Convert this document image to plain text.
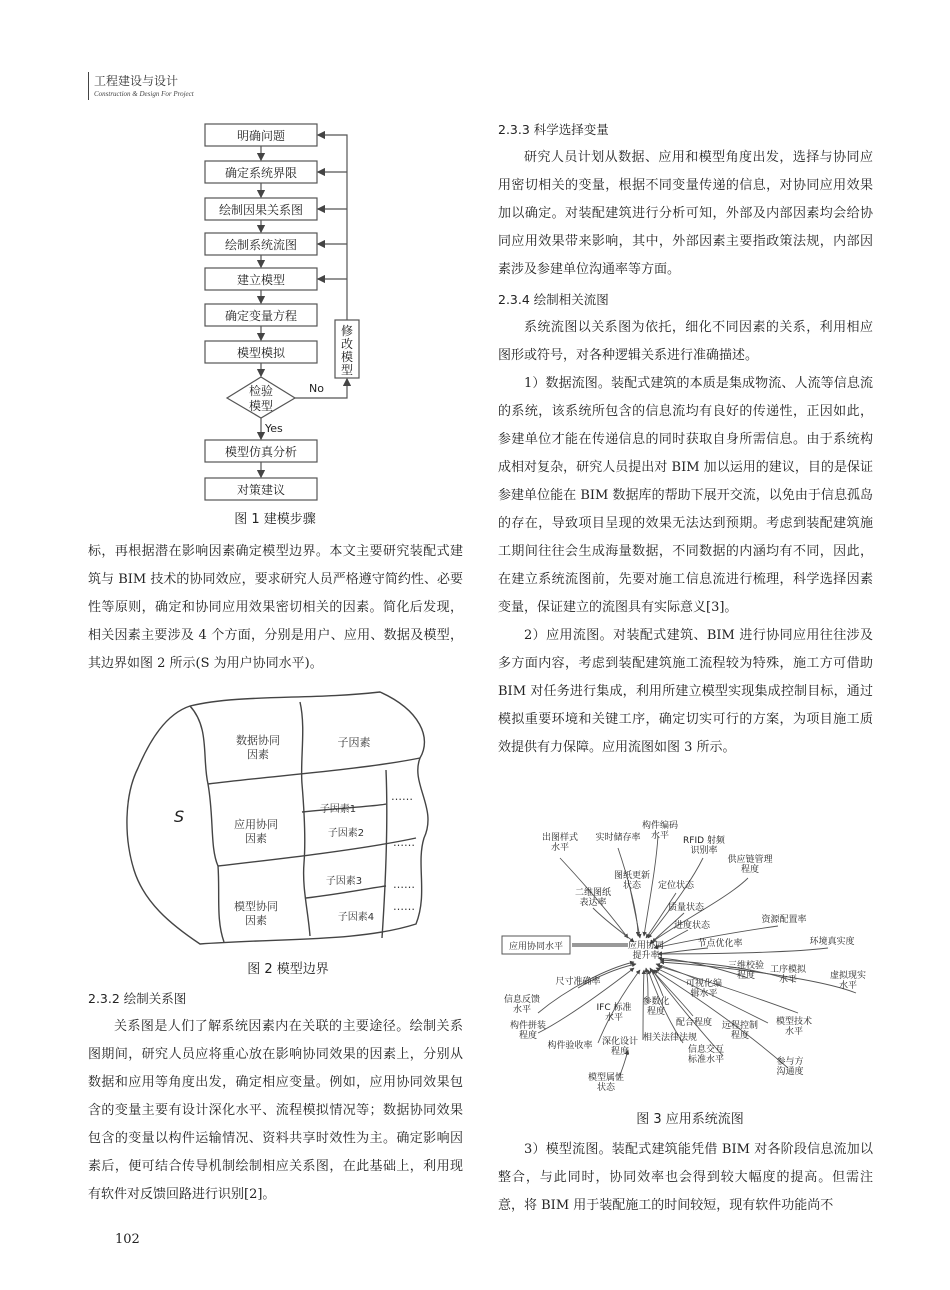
工程建设与设计
Construction & Design For Project
明确问题
确定系统界限
绘制因果关系图
绘制系统流图
建立模型
确定变量方程
模型模拟
检验
模型
模型仿真分析
对策建议
修
改
模
型
No
Yes
图 1 建模步骤

标，再根据潜在影响因素确定模型边界。本文主要研究装配式建筑与 BIM 技术的协同效应，要求研究人员严格遵守简约性、必要性等原则，确定和协同应用效果密切相关的因素。简化后发现，相关因素主要涉及 4 个方面，分别是用户、应用、数据及模型，其边界如图 2 所示(S 为用户协同水平)。

S
数据协同
因素
子因素
应用协同
因素
模型协同
因素
子因素1
子因素2
子因素3
子因素4
……
……
……
……
图 2 模型边界
2.3.2 绘制关系图

关系图是人们了解系统因素内在关联的主要途径。绘制关系图期间，研究人员应将重心放在影响协同效果的因素上，分别从数据和应用等角度出发，确定相应变量。例如，应用协同效果包含的变量主要有设计深化水平、流程模拟情况等；数据协同效果包含的变量以构件运输情况、资料共享时效性为主。确定影响因素后，便可结合传导机制绘制相应关系图，在此基础上，利用现有软件对反馈回路进行识别[2]。

102
2.3.3 科学选择变量

研究人员计划从数据、应用和模型角度出发，选择与协同应用密切相关的变量，根据不同变量传递的信息，对协同应用效果加以确定。对装配建筑进行分析可知，外部及内部因素均会给协同应用效果带来影响，其中，外部因素主要指政策法规，内部因素涉及参建单位沟通率等方面。

2.3.4 绘制相关流图

系统流图以关系图为依托，细化不同因素的关系，利用相应图形或符号，对各种逻辑关系进行准确描述。

1）数据流图。装配式建筑的本质是集成物流、人流等信息流的系统，该系统所包含的信息流均有良好的传递性，正因如此，参建单位才能在传递信息的同时获取自身所需信息。由于系统构成相对复杂，研究人员提出对 BIM 加以运用的建议，目的是保证参建单位能在 BIM 数据库的帮助下展开交流，以免由于信息孤岛的存在，导致项目呈现的效果无法达到预期。考虑到装配建筑施工期间往往会生成海量数据，不同数据的内涵均有不同，因此，在建立系统流图前，先要对施工信息流进行梳理，科学选择因素变量，保证建立的流图具有实际意义[3]。

2）应用流图。对装配式建筑、BIM 进行协同应用往往涉及多方面内容，考虑到装配建筑施工流程较为特殊，施工方可借助 BIM 对任务进行集成，利用所建立模型实现集成控制目标，通过模拟重要环境和关键工序，确定切实可行的方案，为项目施工质效提供有力保障。应用流图如图 3 所示。

应用协同水平	应用协同
提升率
出图样式
水平
实时储存率
构件编码
水平 RFID 射频
识别率
供应链管理
程度
二维图纸
表达率
图纸更新
状态 定位状态
质量状态
资源配置率
进度状态
环境真实度
节点优化率
三维校验
程度
工序模拟
水平	虚拟现实
水平
尺寸准确率	可视化编
辑水平
信息反馈
水平	IFC 标准
水平
参数化
程度
构件拼装
程度
配合程度 远程控制
程度
模型技术
水平
相关法律法规
构件验收率 深化设计
程度	信息交互
标准水平	参与方
沟通度
模型属性
状态
图 3 应用系统流图

3）模型流图。装配式建筑能凭借 BIM 对各阶段信息流加以整合，与此同时，协同效率也会得到较大幅度的提高。但需注意，将 BIM 用于装配施工的时间较短，现有软件功能尚不
